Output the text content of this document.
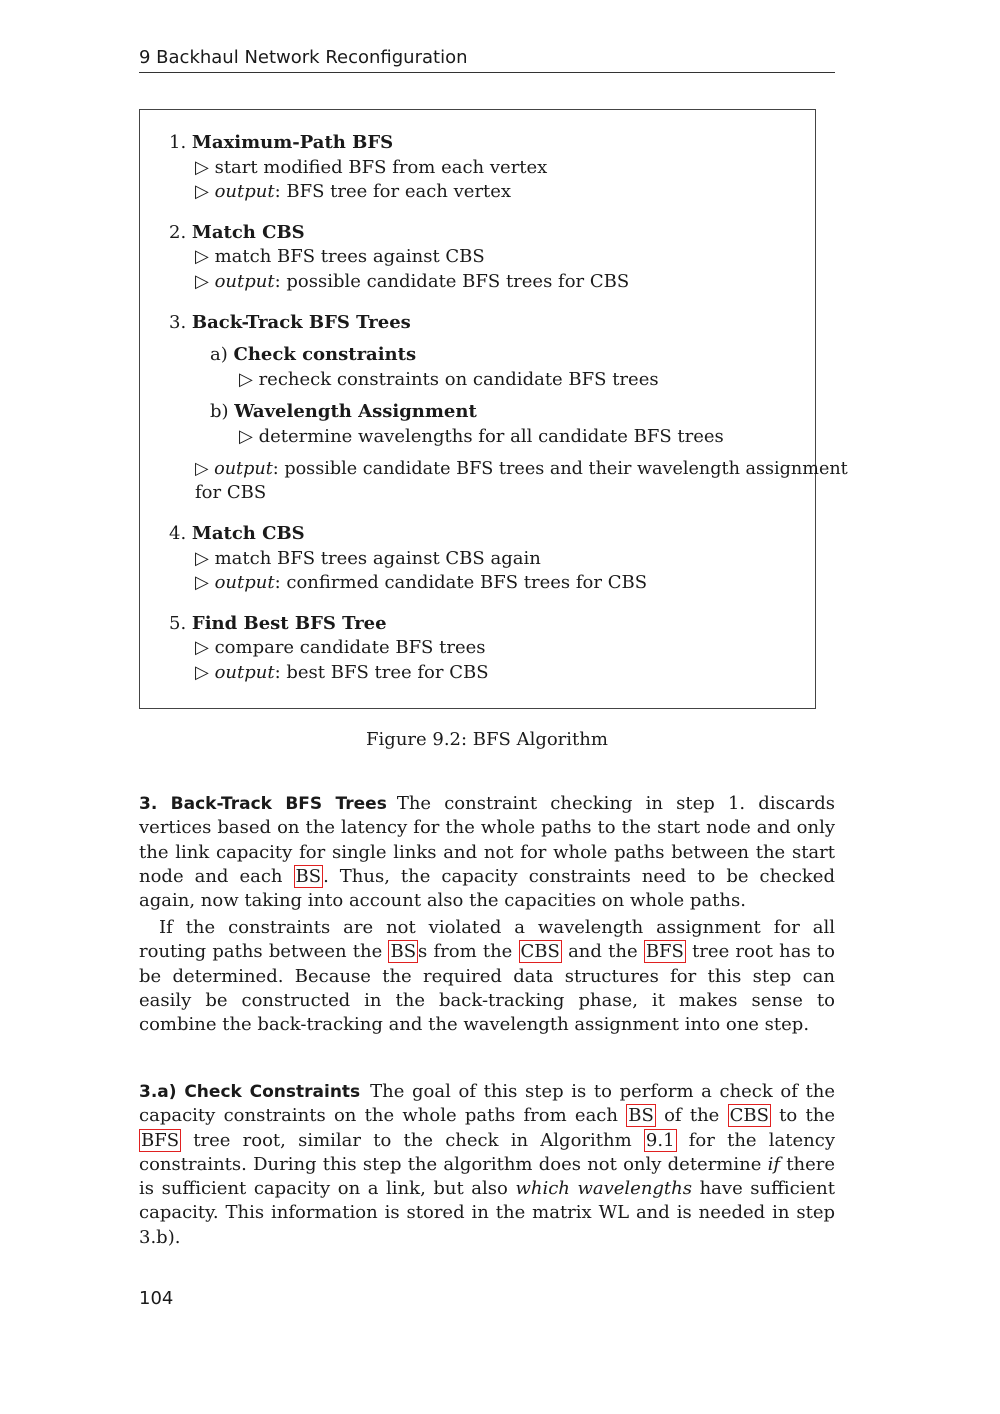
9 Backhaul Network Reconfiguration
1. Maximum-Path BFS
▷ start modified BFS from each vertex
▷ output: BFS tree for each vertex
2. Match CBS
▷ match BFS trees against CBS
▷ output: possible candidate BFS trees for CBS
3. Back-Track BFS Trees
a) Check constraints
▷ recheck constraints on candidate BFS trees
b) Wavelength Assignment
▷ determine wavelengths for all candidate BFS trees
▷ output: possible candidate BFS trees and their wavelength assignment
for CBS
4. Match CBS
▷ match BFS trees against CBS again
▷ output: confirmed candidate BFS trees for CBS
5. Find Best BFS Tree
▷ compare candidate BFS trees
▷ output: best BFS tree for CBS
Figure 9.2: BFS Algorithm

3. Back-Track BFS Trees The constraint checking in step 1. discards vertices based on the latency for the whole paths to the start node and only the link capacity for single links and not for whole paths between the start node and each BS . Thus, the capacity constraints need to be checked again, now taking into account also the capacities on whole paths.

If the constraints are not violated a wavelength assignment for all routing paths between the BS s from the CBS and the BFS tree root has to be determined. Because the required data structures for this step can easily be constructed in the back-tracking phase, it makes sense to combine the back-tracking and the wavelength assignment into one step.

3.a) Check Constraints The goal of this step is to perform a check of the capacity constraints on the whole paths from each BS of the CBS to the BFS tree root, similar to the check in Algorithm 9.1 for the latency constraints. During this step the algorithm does not only determine if there is sufficient capacity on a link, but also which wavelengths have sufficient capacity. This information is stored in the matrix WL and is needed in step 3.b).

104
